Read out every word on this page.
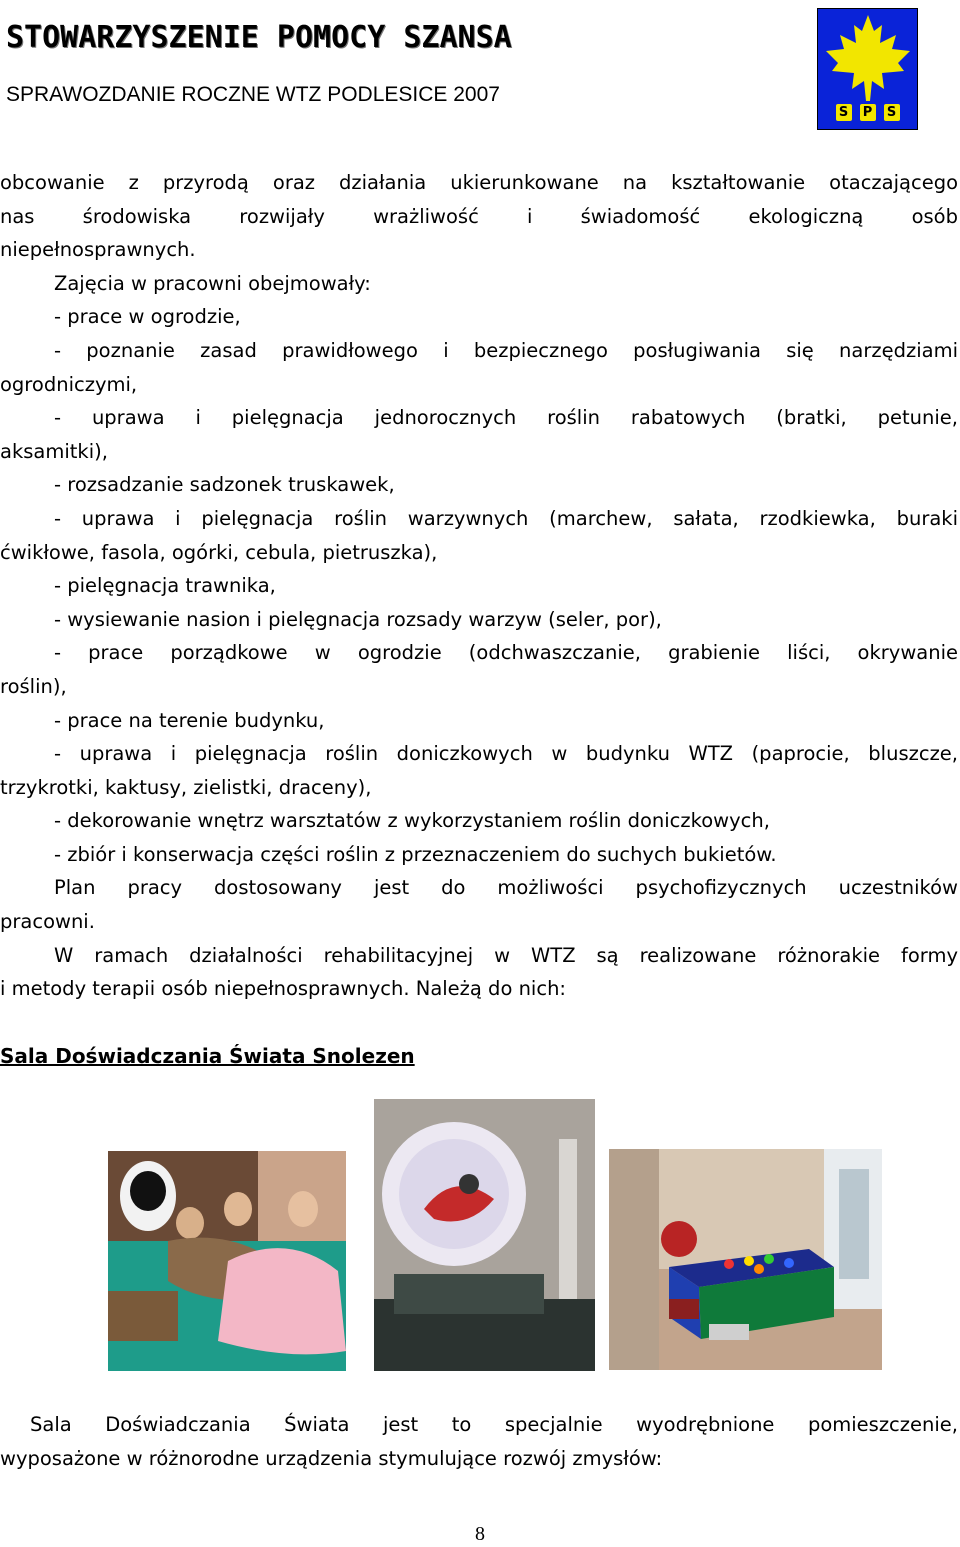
STOWARZYSZENIE POMOCY SZANSA
SPRAWOZDANIE ROCZNE WTZ PODLESICE 2007
S P S
obcowanie z przyrodą oraz działania ukierunkowane na kształtowanie otaczającego
nas środowiska rozwijały wrażliwość i świadomość ekologiczną osób
niepełnosprawnych.
Zajęcia w pracowni obejmowały:
- prace w ogrodzie,
- poznanie zasad prawidłowego i bezpiecznego posługiwania się narzędziami
ogrodniczymi,
- uprawa i pielęgnacja jednorocznych roślin rabatowych (bratki, petunie,
aksamitki),
- rozsadzanie sadzonek truskawek,
- uprawa i pielęgnacja roślin warzywnych (marchew, sałata, rzodkiewka, buraki
ćwikłowe, fasola, ogórki, cebula, pietruszka),
- pielęgnacja trawnika,
- wysiewanie nasion i pielęgnacja rozsady warzyw (seler, por),
- prace porządkowe w ogrodzie (odchwaszczanie, grabienie liści, okrywanie
roślin),
- prace na terenie budynku,
- uprawa i pielęgnacja roślin doniczkowych w budynku WTZ (paprocie, bluszcze,
trzykrotki, kaktusy, zielistki, draceny),
- dekorowanie wnętrz warsztatów z wykorzystaniem roślin doniczkowych,
- zbiór i konserwacja części roślin z przeznaczeniem do suchych bukietów.
Plan pracy dostosowany jest do możliwości psychofizycznych uczestników
pracowni.
W ramach działalności rehabilitacyjnej w WTZ są realizowane różnorakie formy
i metody terapii osób niepełnosprawnych. Należą do nich:
Sala Doświadczania Świata Snolezen
Sala Doświadczania Świata jest to specjalnie wyodrębnione pomieszczenie,
wyposażone w różnorodne urządzenia stymulujące rozwój zmysłów:
8
